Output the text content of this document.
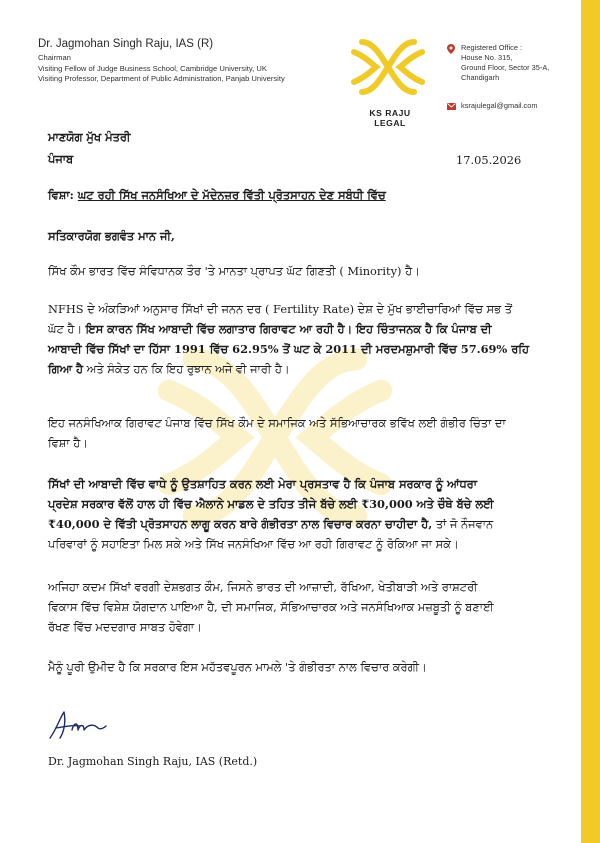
Dr. Jagmohan Singh Raju, IAS (R)
Chairman
Visiting Fellow of Judge Business School, Cambridge University, UK
Visiting Professor, Department of Public Administration, Panjab University
KS RAJU
LEGAL
Registered Office :
House No. 315,
Ground Floor, Sector 35-A,
Chandigarh
ksrajulegal@gmail.com
ਮਾਣਯੋਗ ਮੁੱਖ ਮੰਤਰੀ
ਪੰਜਾਬ	17.05.2026
ਵਿਸ਼ਾ: ਘਟ ਰਹੀ ਸਿੱਖ ਜਨਸੰਖਿਆ ਦੇ ਮੱਦੇਨਜ਼ਰ ਵਿੱਤੀ ਪ੍ਰੋਤਸਾਹਨ ਦੇਣ ਸਬੰਧੀ ਵਿੱਚ
ਸਤਿਕਾਰਯੋਗ ਭਗਵੰਤ ਮਾਨ ਜੀ,
ਸਿੱਖ ਕੌਮ ਭਾਰਤ ਵਿੱਚ ਸੰਵਿਧਾਨਕ ਤੌਰ 'ਤੇ ਮਾਨਤਾ ਪ੍ਰਾਪਤ ਘੱਟ ਗਿਣਤੀ ( Minority) ਹੈ।
NFHS ਦੇ ਅੰਕੜਿਆਂ ਅਨੁਸਾਰ ਸਿੱਖਾਂ ਦੀ ਜਨਨ ਦਰ ( Fertility Rate) ਦੇਸ਼ ਦੇ ਮੁੱਖ ਭਾਈਚਾਰਿਆਂ ਵਿੱਚ ਸਭ ਤੋਂ
ਘੱਟ ਹੈ। ਇਸ ਕਾਰਨ ਸਿੱਖ ਆਬਾਦੀ ਵਿੱਚ ਲਗਾਤਾਰ ਗਿਰਾਵਟ ਆ ਰਹੀ ਹੈ। ਇਹ ਚਿੰਤਾਜਨਕ ਹੈ ਕਿ ਪੰਜਾਬ ਦੀ
ਆਬਾਦੀ ਵਿੱਚ ਸਿੱਖਾਂ ਦਾ ਹਿੱਸਾ 1991 ਵਿੱਚ 62.95% ਤੋਂ ਘਟ ਕੇ 2011 ਦੀ ਮਰਦਮਸ਼ੁਮਾਰੀ ਵਿੱਚ 57.69% ਰਹਿ
ਗਿਆ ਹੈ ਅਤੇ ਸੰਕੇਤ ਹਨ ਕਿ ਇਹ ਰੁਝਾਨ ਅਜੇ ਵੀ ਜਾਰੀ ਹੈ।
ਇਹ ਜਨਸੰਖਿਆਕ ਗਿਰਾਵਟ ਪੰਜਾਬ ਵਿੱਚ ਸਿੱਖ ਕੌਮ ਦੇ ਸਮਾਜਿਕ ਅਤੇ ਸੱਭਿਆਚਾਰਕ ਭਵਿੱਖ ਲਈ ਗੰਭੀਰ ਚਿੰਤਾ ਦਾ
ਵਿਸ਼ਾ ਹੈ।
ਸਿੱਖਾਂ ਦੀ ਆਬਾਦੀ ਵਿੱਚ ਵਾਧੇ ਨੂੰ ਉਤਸ਼ਾਹਿਤ ਕਰਨ ਲਈ ਮੇਰਾ ਪ੍ਰਸਤਾਵ ਹੈ ਕਿ ਪੰਜਾਬ ਸਰਕਾਰ ਨੂੰ ਆਂਧਰਾ
ਪ੍ਰਦੇਸ਼ ਸਰਕਾਰ ਵੱਲੋਂ ਹਾਲ ਹੀ ਵਿੱਚ ਐਲਾਨੇ ਮਾਡਲ ਦੇ ਤਹਿਤ ਤੀਜੇ ਬੱਚੇ ਲਈ ₹30,000 ਅਤੇ ਚੌਥੇ ਬੱਚੇ ਲਈ
₹40,000 ਦੇ ਵਿੱਤੀ ਪ੍ਰੋਤਸਾਹਨ ਲਾਗੂ ਕਰਨ ਬਾਰੇ ਗੰਭੀਰਤਾ ਨਾਲ ਵਿਚਾਰ ਕਰਨਾ ਚਾਹੀਦਾ ਹੈ, ਤਾਂ ਜੋ ਨੌਜਵਾਨ
ਪਰਿਵਾਰਾਂ ਨੂੰ ਸਹਾਇਤਾ ਮਿਲ ਸਕੇ ਅਤੇ ਸਿੱਖ ਜਨਸੰਖਿਆ ਵਿੱਚ ਆ ਰਹੀ ਗਿਰਾਵਟ ਨੂੰ ਰੋਕਿਆ ਜਾ ਸਕੇ।
ਅਜਿਹਾ ਕਦਮ ਸਿੱਖਾਂ ਵਰਗੀ ਦੇਸ਼ਭਗਤ ਕੌਮ, ਜਿਸਨੇ ਭਾਰਤ ਦੀ ਆਜ਼ਾਦੀ, ਰੱਖਿਆ, ਖੇਤੀਬਾੜੀ ਅਤੇ ਰਾਸ਼ਟਰੀ
ਵਿਕਾਸ ਵਿੱਚ ਵਿਸ਼ੇਸ਼ ਯੋਗਦਾਨ ਪਾਇਆ ਹੈ, ਦੀ ਸਮਾਜਿਕ, ਸੱਭਿਆਚਾਰਕ ਅਤੇ ਜਨਸੰਖਿਆਕ ਮਜ਼ਬੂਤੀ ਨੂੰ ਬਣਾਈ
ਰੱਖਣ ਵਿੱਚ ਮਦਦਗਾਰ ਸਾਬਤ ਹੋਵੇਗਾ।
ਮੈਨੂੰ ਪੂਰੀ ਉਮੀਦ ਹੈ ਕਿ ਸਰਕਾਰ ਇਸ ਮਹੱਤਵਪੂਰਨ ਮਾਮਲੇ 'ਤੇ ਗੰਭੀਰਤਾ ਨਾਲ ਵਿਚਾਰ ਕਰੇਗੀ।
Dr. Jagmohan Singh Raju, IAS (Retd.)
